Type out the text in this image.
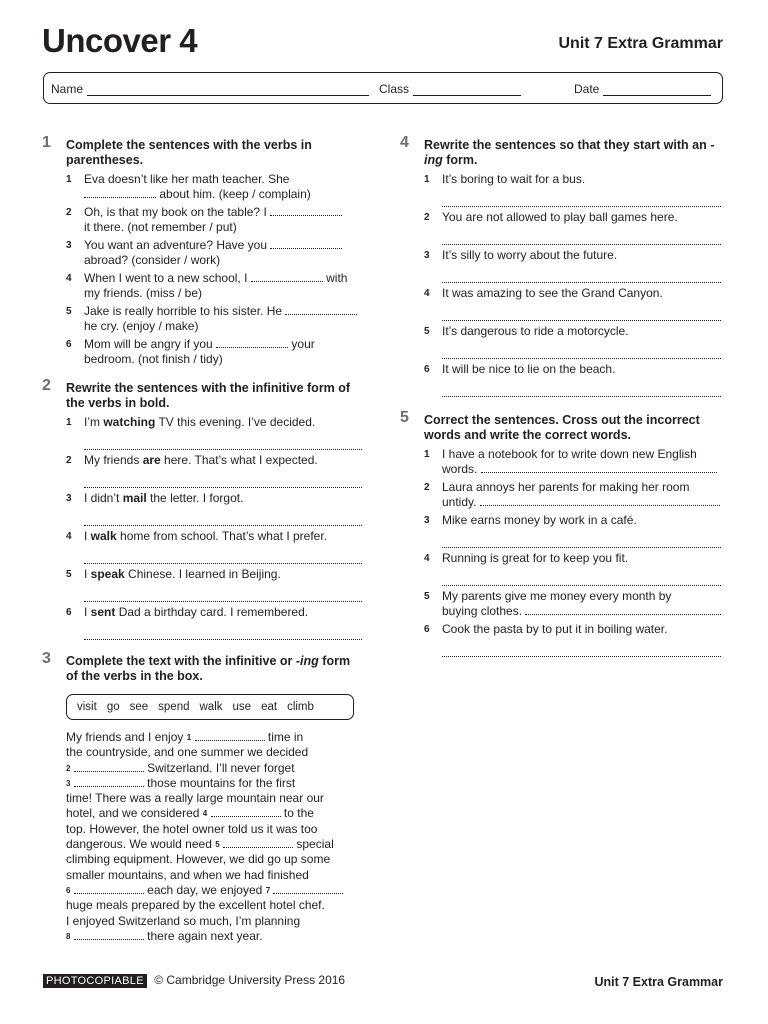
Uncover 4	Unit 7 Extra Grammar
Name	Class	Date
1 Complete the sentences with the verbs in parentheses.
1 Eva doesn’t like her math teacher. She
about him. (keep / complain)
2 Oh, is that my book on the table? I
it there. (not remember / put)
3 You want an adventure? Have you
abroad? (consider / work)
4 When I went to a new school, I	with
my friends. (miss / be)
5 Jake is really horrible to his sister. He
he cry. (enjoy / make)
6 Mom will be angry if you	your
bedroom. (not finish / tidy)
2 Rewrite the sentences with the infinitive form of the verbs in bold.
1 I’m watching TV this evening. I’ve decided.
2 My friends are here. That’s what I expected.
3 I didn’t mail the letter. I forgot.
4 I walk home from school. That’s what I prefer.
5 I speak Chinese. I learned in Beijing.
6 I sent Dad a birthday card. I remembered.
3 Complete the text with the infinitive or -ing form of the verbs in the box.
visit go see spend walk use eat climb
My friends and I enjoy $^1$	time in
the countryside, and one summer we decided
$^2$	Switzerland. I’ll never forget
$^3$	those mountains for the first
time! There was a really large mountain near our
hotel, and we considered $^4$	to the
top. However, the hotel owner told us it was too
dangerous. We would need $^5$	special
climbing equipment. However, we did go up some
smaller mountains, and when we had finished
$^6$	each day, we enjoyed $^7$
huge meals prepared by the excellent hotel chef.
I enjoyed Switzerland so much, I’m planning
$^8$	there again next year.
4 Rewrite the sentences so that they start with an -ing form.
1 It’s boring to wait for a bus.
2 You are not allowed to play ball games here.
3 It’s silly to worry about the future.
4 It was amazing to see the Grand Canyon.
5 It’s dangerous to ride a motorcycle.
6 It will be nice to lie on the beach.
5 Correct the sentences. Cross out the incorrect words and write the correct words.
1 I have a notebook for to write down new English
words.
2 Laura annoys her parents for making her room
untidy.
3 Mike earns money by work in a café.
4 Running is great for to keep you fit.
5 My parents give me money every month by
buying clothes.
6 Cook the pasta by to put it in boiling water.
PHOTOCOPIABLE © Cambridge University Press 2016	Unit 7 Extra Grammar
